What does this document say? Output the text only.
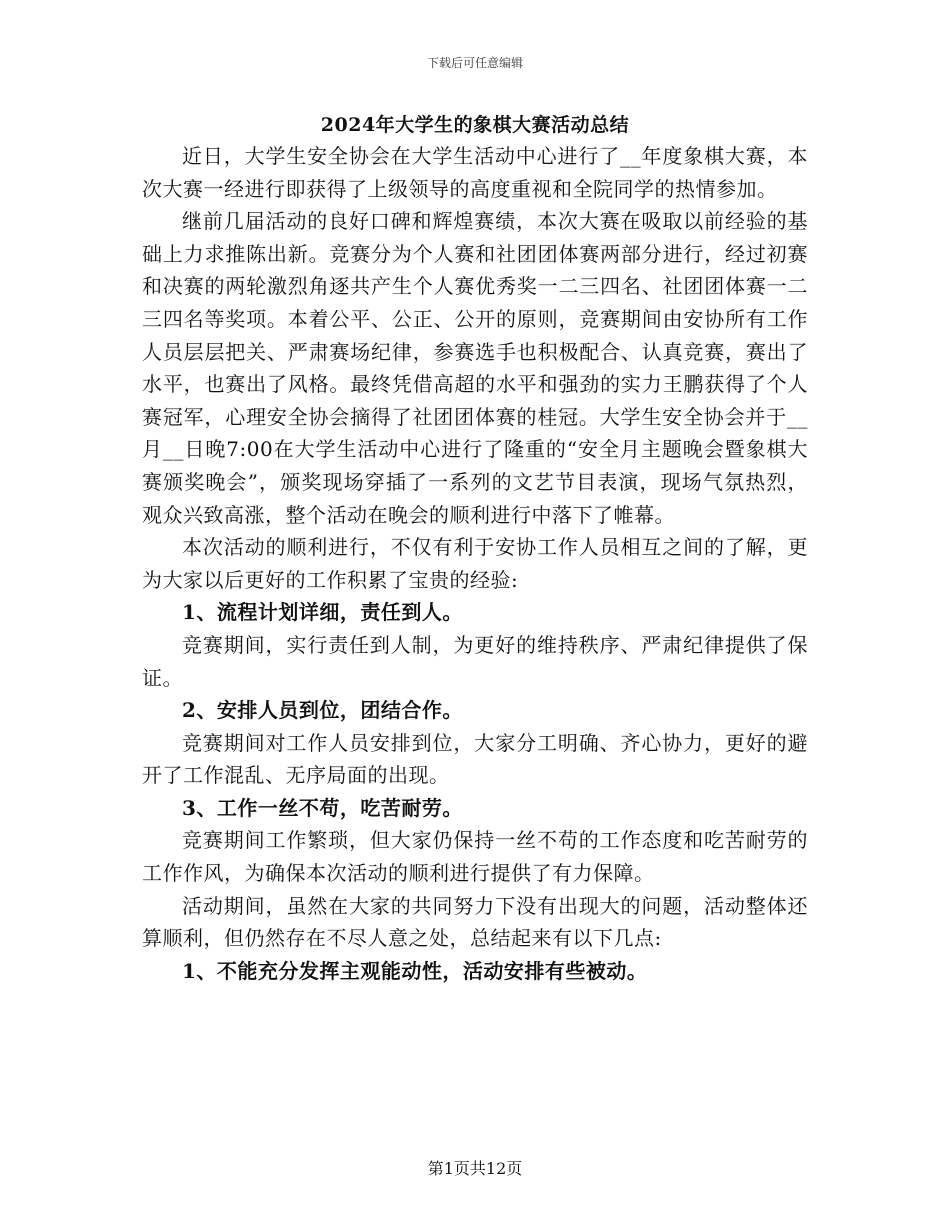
下载后可任意编辑
2024年大学生的象棋大赛活动总结

近日，大学生安全协会在大学生活动中心进行了__年度象棋大赛，本次大赛一经进行即获得了上级领导的高度重视和全院同学的热情参加。

继前几届活动的良好口碑和辉煌赛绩，本次大赛在吸取以前经验的基础上力求推陈出新。竞赛分为个人赛和社团团体赛两部分进行，经过初赛和决赛的两轮激烈角逐共产生个人赛优秀奖一二三四名、社团团体赛一二三四名等奖项。本着公平、公正、公开的原则，竞赛期间由安协所有工作人员层层把关、严肃赛场纪律，参赛选手也积极配合、认真竞赛，赛出了水平，也赛出了风格。最终凭借高超的水平和强劲的实力王鹏获得了个人赛冠军，心理安全协会摘得了社团团体赛的桂冠。大学生安全协会并于__月__日晚7:00在大学生活动中心进行了隆重的“安全月主题晚会暨象棋大赛颁奖晚会”，颁奖现场穿插了一系列的文艺节目表演，现场气氛热烈，观众兴致高涨，整个活动在晚会的顺利进行中落下了帷幕。

本次活动的顺利进行，不仅有利于安协工作人员相互之间的了解，更为大家以后更好的工作积累了宝贵的经验:

1、流程计划详细，责任到人。

竞赛期间，实行责任到人制，为更好的维持秩序、严肃纪律提供了保证。

2、安排人员到位，团结合作。

竞赛期间对工作人员安排到位，大家分工明确、齐心协力，更好的避开了工作混乱、无序局面的出现。

3、工作一丝不苟，吃苦耐劳。

竞赛期间工作繁琐，但大家仍保持一丝不苟的工作态度和吃苦耐劳的工作作风，为确保本次活动的顺利进行提供了有力保障。

活动期间，虽然在大家的共同努力下没有出现大的问题，活动整体还算顺利，但仍然存在不尽人意之处，总结起来有以下几点:

1、不能充分发挥主观能动性，活动安排有些被动。

第1页共12页
